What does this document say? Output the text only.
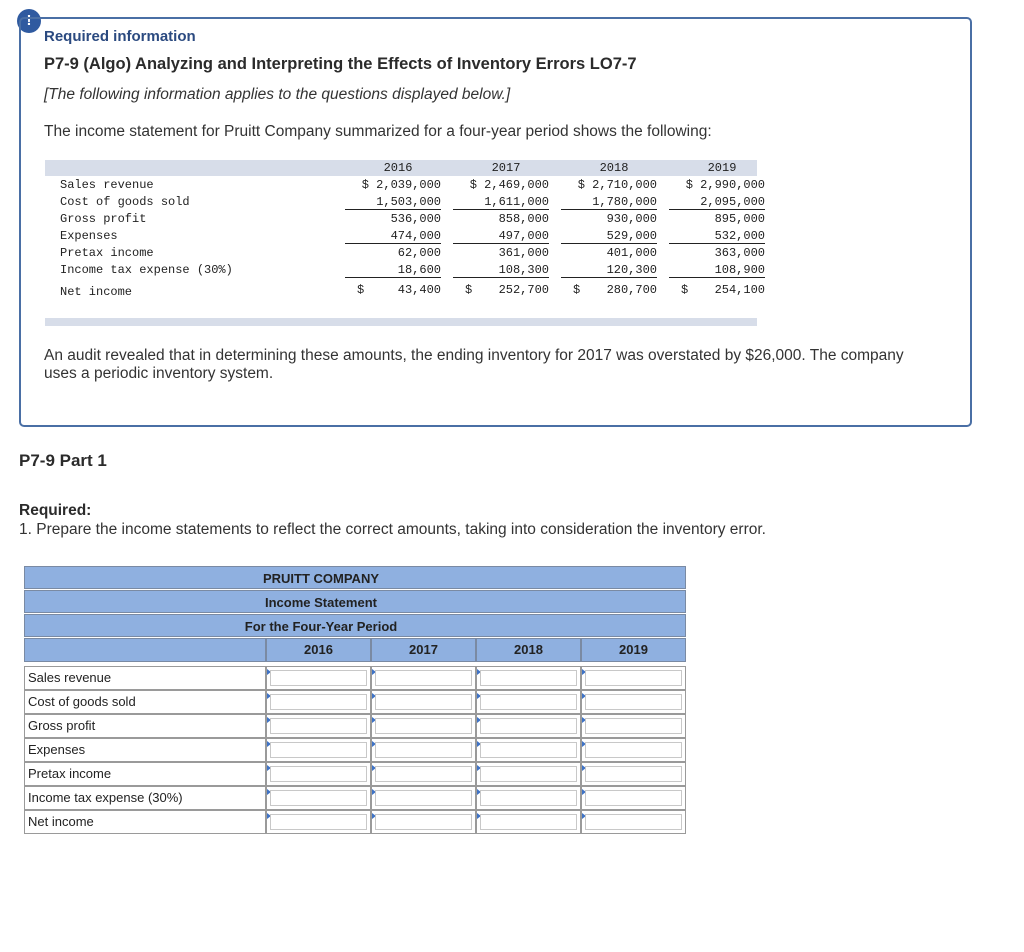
!
Required information
P7-9 (Algo) Analyzing and Interpreting the Effects of Inventory Errors LO7-7
[The following information applies to the questions displayed below.]
The income statement for Pruitt Company summarized for a four-year period shows the following:
2016	2017	2018	2019
Sales revenue	$ 2,039,000	$ 2,469,000	$ 2,710,000	$ 2,990,000
Cost of goods sold	1,503,000	1,611,000	1,780,000	2,095,000
Gross profit	536,000	858,000	930,000	895,000
Expenses	474,000	497,000	529,000	532,000
Pretax income	62,000	361,000	401,000	363,000
Income tax expense (30%)	18,600	108,300	120,300	108,900
Net income	$	43,400 $	252,700 $	280,700 $	254,100
An audit revealed that in determining these amounts, the ending inventory for 2017 was overstated by $26,000. The company uses a periodic inventory system.
P7-9 Part 1
Required:
1. Prepare the income statements to reflect the correct amounts, taking into consideration the inventory error.
PRUITT COMPANY
Income Statement
For the Four-Year Period
2016	2017	2018	2019
Sales revenue
Cost of goods sold
Gross profit
Expenses
Pretax income
Income tax expense (30%)
Net income
